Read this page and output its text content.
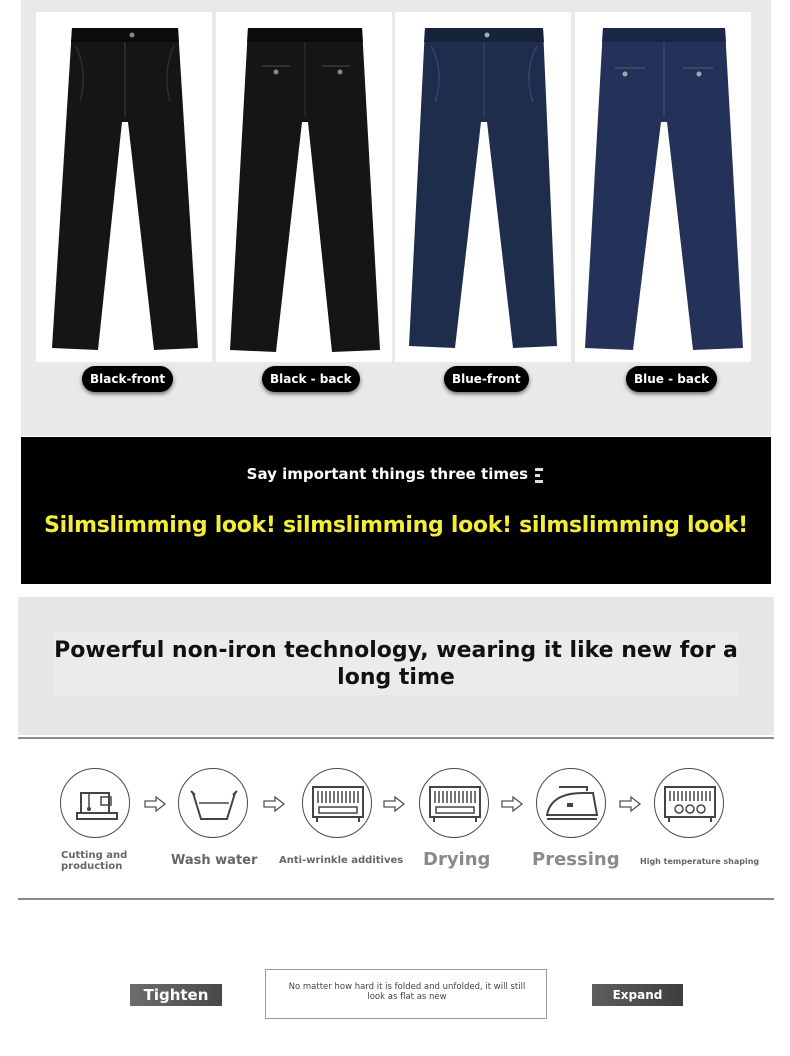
Black-front	Black - back	Blue-front	Blue - back
Say important things three times
Silmslimming look! silmslimming look! silmslimming look!
Powerful non-iron technology, wearing it like new for a long time
Cutting and production	Wash water Anti-wrinkle additives Drying Pressing	High temperature shaping
Tighten	No matter how hard it is folded and unfolded, it will still look as flat as new	Expand
